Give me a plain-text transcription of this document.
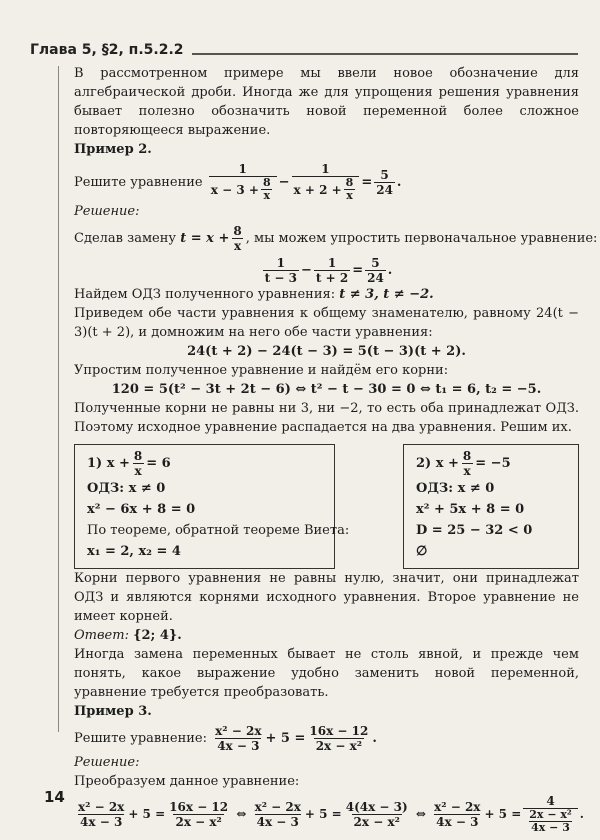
Глава 5, §2, п.5.2.2

В рассмотренном примере мы ввели новое обозначение для алгебраической дроби. Иногда же для упрощения решения уравнения бывает полезно обозначить новой переменной более сложное повторяющееся выражение.

Пример 2.

Решите уравнение
$\frac{1}{x - 3 + \frac{8}{x}} - \frac{1}{x + 2 + \frac{8}{x}} = \frac{5}{24}$ .

Решение:

Сделав замену
$t = x + \frac{8}{x}$ , мы можем упростить первоначальное уравнение:
$\frac{1}{t - 3} - \frac{1}{t + 2} = \frac{5}{24}$ .

Найдем ОДЗ полученного уравнения: t ≠ 3, t ≠ −2.

Приведем обе части уравнения к общему знаменателю, равному 24(t − 3)(t + 2), и домножим на него обе части уравнения:

24(t + 2) − 24(t − 3) = 5(t − 3)(t + 2).

Упростим полученное уравнение и найдём его корни:

120 = 5(t² − 3t + 2t − 6) ⇔ t² − t − 30 = 0 ⇔ t₁ = 6, t₂ = −5.

Полученные корни не равны ни 3, ни −2, то есть оба принадлежат ОДЗ. Поэтому исходное уравнение распадается на два уравнения. Решим их.

1)
$x + \frac{8}{x} = 6$
ОДЗ: x ≠ 0
x² − 6x + 8 = 0
По теореме, обратной теореме Виета:
x₁ = 2, x₂ = 4
2)
$x + \frac{8}{x} = -5$
ОДЗ: x ≠ 0
x² + 5x + 8 = 0
D = 25 − 32 < 0
∅

Корни первого уравнения не равны нулю, значит, они принадлежат ОДЗ и являются корнями исходного уравнения. Второе уравнение не имеет корней.

Ответ: {2; 4}.

Иногда замена переменных бывает не столь явной, и прежде чем понять, какое выражение удобно заменить новой переменной, уравнение требуется преобразовать.

Пример 3.

Решите уравнение:
$\frac{\text{x² − 2x}}{4x - 3} + 5 = \frac{16x - 12}{\text{2x − x²}}$ .

Решение:

Преобразуем данное уравнение:

$\frac{\text{x² − 2x}}{4x - 3} + 5 = \frac{16x - 12}{\text{2x − x²}}$
⇔
$\frac{\text{x² − 2x}}{4x - 3} + 5 = \frac{4(4x - 3)}{\text{2x − x²}}$
⇔
$\frac{\text{x² − 2x}}{4x - 3} + 5 = \frac{4}{\frac{\text{2x − x²}}{4x - 3}}$ .
14
